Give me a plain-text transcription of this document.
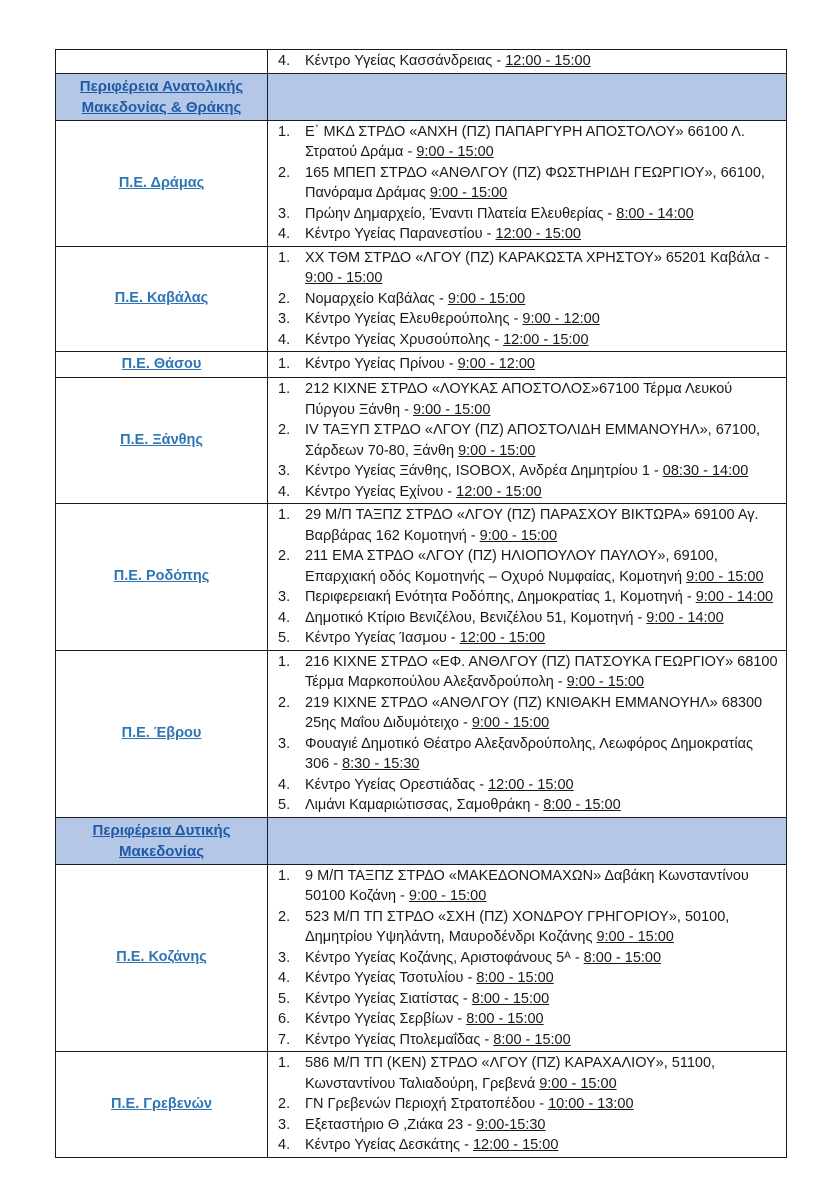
	4. Κέντρο Υγείας Κασσάνδρειας - 12:00 - 15:00

Περιφέρεια Ανατολικής Μακεδονίας & Θράκης	
Π.Ε. Δράμας	
1.	Ε΄ ΜΚΔ ΣΤΡΔΟ «ΑΝΧΗ (ΠΖ) ΠΑΠΑΡΓΥΡΗ ΑΠΟΣΤΟΛΟΥ» 66100 Λ. Στρατού Δράμα - 9:00 - 15:00
2.	165 ΜΠΕΠ ΣΤΡΔΟ «ΑΝΘΛΓΟΥ (ΠΖ) ΦΩΣΤΗΡΙΔΗ ΓΕΩΡΓΙΟΥ», 66100, Πανόραμα Δράμας 9:00 - 15:00
3.	Πρώην Δημαρχείο, Έναντι Πλατεία Ελευθερίας - 8:00 - 14:00
4.	Κέντρο Υγείας Παρανεστίου - 12:00 - 15:00

Π.Ε. Καβάλας	
1.	ΧΧ ΤΘΜ ΣΤΡΔΟ «ΛΓΟΥ (ΠΖ) ΚΑΡΑΚΩΣΤΑ ΧΡΗΣΤΟΥ» 65201 Καβάλα - 9:00 - 15:00
2.	Νομαρχείο Καβάλας - 9:00 - 15:00
3.	Κέντρο Υγείας Ελευθερούπολης - 9:00 - 12:00
4.	Κέντρο Υγείας Χρυσούπολης - 12:00 - 15:00

Π.Ε. Θάσου	1. Κέντρο Υγείας Πρίνου - 9:00 - 12:00

Π.Ε. Ξάνθης	
1.	212 ΚΙΧΝΕ ΣΤΡΔΟ «ΛΟΥΚΑΣ ΑΠΟΣΤΟΛΟΣ»67100 Τέρμα Λευκού Πύργου Ξάνθη - 9:00 - 15:00
2.	IV ΤΑΞΥΠ ΣΤΡΔΟ «ΛΓΟΥ (ΠΖ) ΑΠΟΣΤΟΛΙΔΗ ΕΜΜΑΝΟΥΗΛ», 67100, Σάρδεων 70-80, Ξάνθη 9:00 - 15:00
3.	Κέντρο Υγείας Ξάνθης, ISOBOX, Ανδρέα Δημητρίου 1 - 08:30 - 14:00
4.	Κέντρο Υγείας Εχίνου - 12:00 - 15:00

Π.Ε. Ροδόπης	
1.	29 Μ/Π ΤΑΞΠΖ ΣΤΡΔΟ «ΛΓΟΥ (ΠΖ) ΠΑΡΑΣΧΟΥ ΒΙΚΤΩΡΑ» 69100 Αγ. Βαρβάρας 162 Κομοτηνή - 9:00 - 15:00
2.	211 ΕΜΑ ΣΤΡΔΟ «ΛΓΟΥ (ΠΖ) ΗΛΙΟΠΟΥΛΟΥ ΠΑΥΛΟΥ», 69100, Επαρχιακή οδός Κομοτηνής – Οχυρό Νυμφαίας, Κομοτηνή 9:00 - 15:00
3.	Περιφερειακή Ενότητα Ροδόπης, Δημοκρατίας 1, Κομοτηνή - 9:00 - 14:00
4.	Δημοτικό Κτίριο Βενιζέλου, Βενιζέλου 51, Κομοτηνή - 9:00 - 14:00
5.	Κέντρο Υγείας Ίασμου - 12:00 - 15:00

Π.Ε. Έβρου	
1.	216 ΚΙΧΝΕ ΣΤΡΔΟ «ΕΦ. ΑΝΘΛΓΟΥ (ΠΖ) ΠΑΤΣΟΥΚΑ ΓΕΩΡΓΙΟΥ» 68100 Τέρμα Μαρκοπούλου Αλεξανδρούπολη - 9:00 - 15:00
2.	219 ΚΙΧΝΕ ΣΤΡΔΟ «ΑΝΘΛΓΟΥ (ΠΖ) ΚΝΙΘΑΚΗ ΕΜΜΑΝΟΥΗΛ» 68300 25ης Μαΐου Διδυμότειχο - 9:00 - 15:00
3.	Φουαγιέ Δημοτικό Θέατρο Αλεξανδρούπολης, Λεωφόρος Δημοκρατίας 306 - 8:30 - 15:30
4.	Κέντρο Υγείας Ορεστιάδας - 12:00 - 15:00
5.	Λιμάνι Καμαριώτισσας, Σαμοθράκη - 8:00 - 15:00

Περιφέρεια Δυτικής Μακεδονίας	
Π.Ε. Κοζάνης	
1.	9 Μ/Π ΤΑΞΠΖ ΣΤΡΔΟ «ΜΑΚΕΔΟΝΟΜΑΧΩΝ» Δαβάκη Κωνσταντίνου 50100 Κοζάνη - 9:00 - 15:00
2.	523 Μ/Π ΤΠ ΣΤΡΔΟ «ΣΧΗ (ΠΖ) ΧΟΝΔΡΟΥ ΓΡΗΓΟΡΙΟΥ», 50100, Δημητρίου Υψηλάντη, Μαυροδένδρι Κοζάνης 9:00 - 15:00
3.	Κέντρο Υγείας Κοζάνης, Αριστοφάνους 5ᴬ - 8:00 - 15:00
4.	Κέντρο Υγείας Τσοτυλίου - 8:00 - 15:00
5.	Κέντρο Υγείας Σιατίστας - 8:00 - 15:00
6.	Κέντρο Υγείας Σερβίων - 8:00 - 15:00
7.	Κέντρο Υγείας Πτολεμαΐδας - 8:00 - 15:00

Π.Ε. Γρεβενών	
1.	586 Μ/Π ΤΠ (ΚΕΝ) ΣΤΡΔΟ «ΛΓΟΥ (ΠΖ) ΚΑΡΑΧΑΛΙΟΥ», 51100, Κωνσταντίνου Ταλιαδούρη, Γρεβενά 9:00 - 15:00
2.	ΓΝ Γρεβενών Περιοχή Στρατοπέδου - 10:00 - 13:00
3.	Εξεταστήριο Θ ,Ζιάκα 23 - 9:00-15:30
4.	Κέντρο Υγείας Δεσκάτης - 12:00 - 15:00
